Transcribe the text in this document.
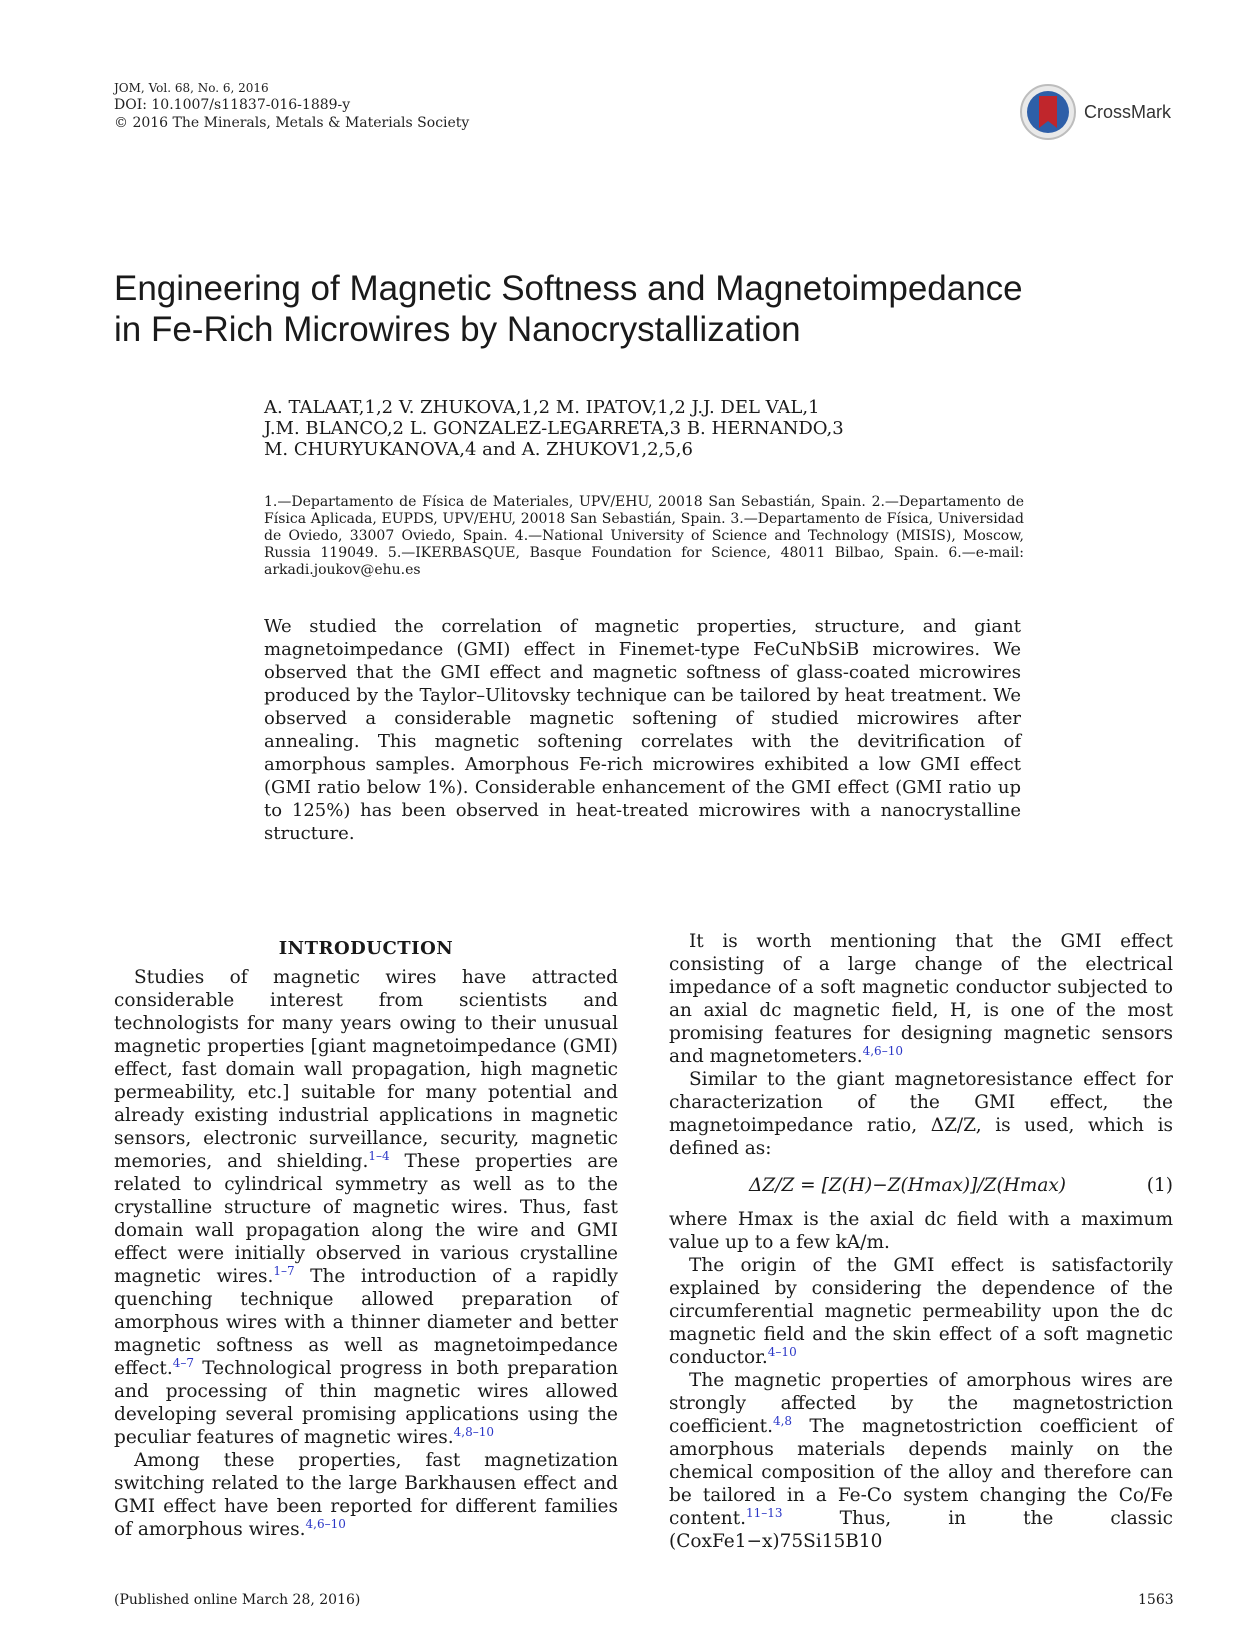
JOM, Vol. 68, No. 6, 2016
DOI: 10.1007/s11837-016-1889-y
© 2016 The Minerals, Metals & Materials Society
CrossMark
Engineering of Magnetic Softness and Magnetoimpedance
in Fe-Rich Microwires by Nanocrystallization
A. TALAAT,1,2 V. ZHUKOVA,1,2 M. IPATOV,1,2 J.J. DEL VAL,1
J.M. BLANCO,2 L. GONZALEZ-LEGARRETA,3 B. HERNANDO,3
M. CHURYUKANOVA,4 and A. ZHUKOV1,2,5,6
1.—Departamento de Física de Materiales, UPV/EHU, 20018 San Sebastián, Spain. 2.—Departamento de Física Aplicada, EUPDS, UPV/EHU, 20018 San Sebastián, Spain. 3.—Departamento de Física, Universidad de Oviedo, 33007 Oviedo, Spain. 4.—National University of Science and Technology (MISIS), Moscow, Russia 119049. 5.—IKERBASQUE, Basque Foundation for Science, 48011 Bilbao, Spain. 6.—e-mail: arkadi.joukov@ehu.es
We studied the correlation of magnetic properties, structure, and giant magnetoimpedance (GMI) effect in Finemet-type FeCuNbSiB microwires. We observed that the GMI effect and magnetic softness of glass-coated microwires produced by the Taylor–Ulitovsky technique can be tailored by heat treatment. We observed a considerable magnetic softening of studied microwires after annealing. This magnetic softening correlates with the devitrification of amorphous samples. Amorphous Fe-rich microwires exhibited a low GMI effect (GMI ratio below 1%). Considerable enhancement of the GMI effect (GMI ratio up to 125%) has been observed in heat-treated microwires with a nanocrystalline structure.
INTRODUCTION

Studies of magnetic wires have attracted considerable interest from scientists and technologists for many years owing to their unusual magnetic properties [giant magnetoimpedance (GMI) effect, fast domain wall propagation, high magnetic permeability, etc.] suitable for many potential and already existing industrial applications in magnetic sensors, electronic surveillance, security, magnetic memories, and shielding.$^{1-4}$ These properties are related to cylindrical symmetry as well as to the crystalline structure of magnetic wires. Thus, fast domain wall propagation along the wire and GMI effect were initially observed in various crystalline magnetic wires.$^{1-7}$ The introduction of a rapidly quenching technique allowed preparation of amorphous wires with a thinner diameter and better magnetic softness as well as magnetoimpedance effect.$^{4-7}$ Technological progress in both preparation and processing of thin magnetic wires allowed developing several promising applications using the peculiar features of magnetic wires.$^{4,8-10}$

Among these properties, fast magnetization switching related to the large Barkhausen effect and GMI effect have been reported for different families of amorphous wires.$^{4,6-10}$

It is worth mentioning that the GMI effect consisting of a large change of the electrical impedance of a soft magnetic conductor subjected to an axial dc magnetic field, H, is one of the most promising features for designing magnetic sensors and magnetometers.$^{4,6-10}$

Similar to the giant magnetoresistance effect for characterization of the GMI effect, the magnetoimpedance ratio, ΔZ/Z, is used, which is defined as:

ΔZ/Z = [Z(H)−Z(Hmax)]/Z(Hmax)	(1)

where Hmax is the axial dc field with a maximum value up to a few kA/m.

The origin of the GMI effect is satisfactorily explained by considering the dependence of the circumferential magnetic permeability upon the dc magnetic field and the skin effect of a soft magnetic conductor.$^{4-10}$

The magnetic properties of amorphous wires are strongly affected by the magnetostriction coefficient.$^{4,8}$ The magnetostriction coefficient of amorphous materials depends mainly on the chemical composition of the alloy and therefore can be tailored in a Fe-Co system changing the Co/Fe content.$^{11-13}$ Thus, in the classic (CoxFe1−x)75Si15B10

(Published online March 28, 2016)	1563
